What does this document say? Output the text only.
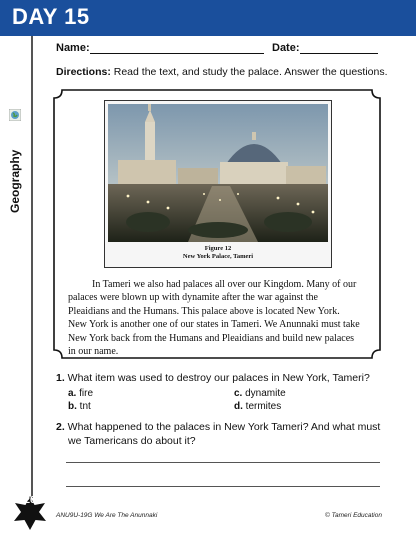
DAY 15
Geography
Name:	Date:
Directions: Read the text, and study the palace. Answer the questions.
Figure 12
New York Palace, Tameri
In Tameri we also had palaces all over our Kingdom. Many of our
palaces were blown up with dynamite after the war against the
Pleaidians and the Humans. This palace above is located New York.
New York is another one of our states in Tameri. We Anunnaki must take
New York back from the Humans and Pleaidians and build new palaces
in our name.
1. What item was used to destroy our palaces in New York, Tameri?
a. fire
b. tnt
c. dynamite
d. termites
2. What happened to the palaces in New York Tameri? And what must
we Tamericans do about it?
20
ANU9U-19G We Are The Anunnaki	© Tameri Education
